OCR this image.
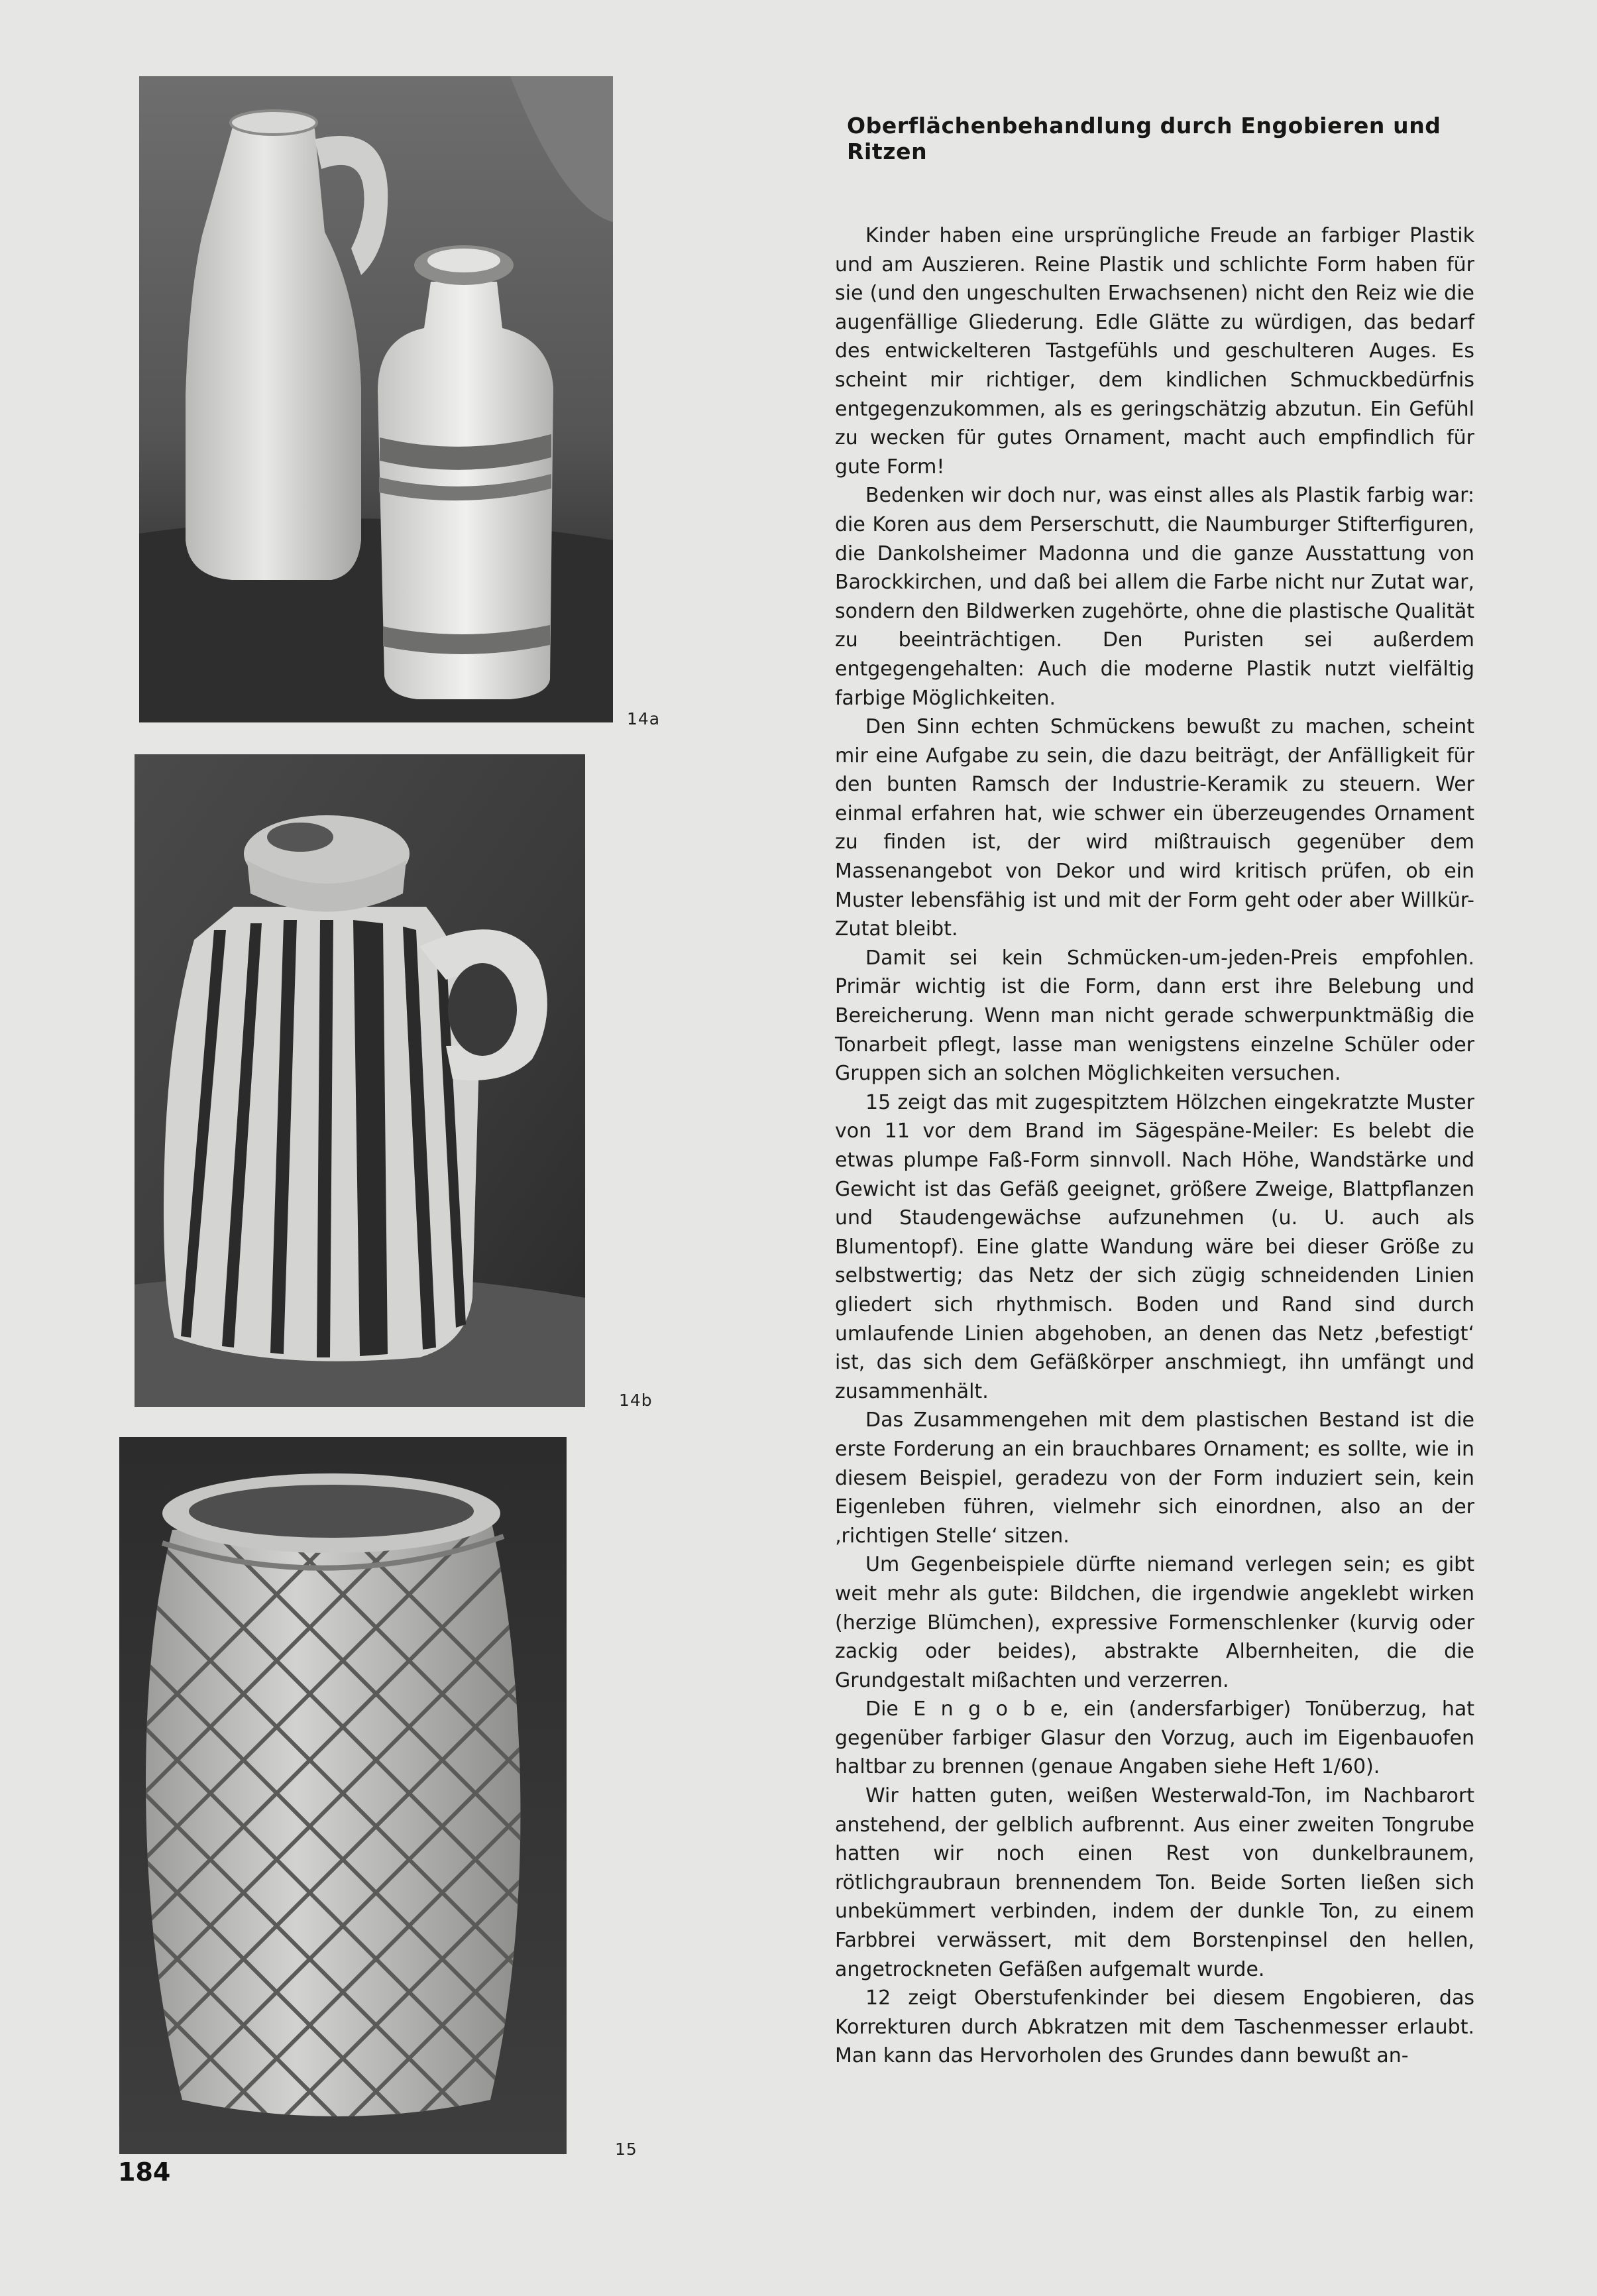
14a
14b
15
184
Oberflächenbehandlung durch Engobieren und Ritzen

Kinder haben eine ursprüngliche Freude an farbiger Plastik und am Auszieren. Reine Plastik und schlichte Form haben für sie (und den ungeschulten Erwachsenen) nicht den Reiz wie die augenfällige Gliederung. Edle Glätte zu würdigen, das bedarf des entwickelteren Tastgefühls und geschulteren Auges. Es scheint mir richtiger, dem kindlichen Schmuckbedürfnis entgegenzukommen, als es geringschätzig abzutun. Ein Gefühl zu wecken für gutes Ornament, macht auch empfindlich für gute Form!

Bedenken wir doch nur, was einst alles als Plastik farbig war: die Koren aus dem Perserschutt, die Naumburger Stifterfiguren, die Dankolsheimer Madonna und die ganze Ausstattung von Barockkirchen, und daß bei allem die Farbe nicht nur Zutat war, sondern den Bildwerken zugehörte, ohne die plastische Qualität zu beeinträchtigen. Den Puristen sei außerdem entgegengehalten: Auch die moderne Plastik nutzt vielfältig farbige Möglichkeiten.

Den Sinn echten Schmückens bewußt zu machen, scheint mir eine Aufgabe zu sein, die dazu beiträgt, der Anfälligkeit für den bunten Ramsch der Industrie-Keramik zu steuern. Wer einmal erfahren hat, wie schwer ein überzeugendes Ornament zu finden ist, der wird mißtrauisch gegenüber dem Massenangebot von Dekor und wird kritisch prüfen, ob ein Muster lebensfähig ist und mit der Form geht oder aber Willkür-Zutat bleibt.

Damit sei kein Schmücken-um-jeden-Preis empfohlen. Primär wichtig ist die Form, dann erst ihre Belebung und Bereicherung. Wenn man nicht gerade schwerpunktmäßig die Tonarbeit pflegt, lasse man wenigstens einzelne Schüler oder Gruppen sich an solchen Möglichkeiten versuchen.

15 zeigt das mit zugespitztem Hölzchen eingekratzte Muster von 11 vor dem Brand im Sägespäne-Meiler: Es belebt die etwas plumpe Faß-Form sinnvoll. Nach Höhe, Wandstärke und Gewicht ist das Gefäß geeignet, größere Zweige, Blattpflanzen und Staudengewächse aufzunehmen (u. U. auch als Blumentopf). Eine glatte Wandung wäre bei dieser Größe zu selbstwertig; das Netz der sich zügig schneidenden Linien gliedert sich rhythmisch. Boden und Rand sind durch umlaufende Linien abgehoben, an denen das Netz ‚befestigt‘ ist, das sich dem Gefäßkörper anschmiegt, ihn umfängt und zusammenhält.

Das Zusammengehen mit dem plastischen Bestand ist die erste Forderung an ein brauchbares Ornament; es sollte, wie in diesem Beispiel, geradezu von der Form induziert sein, kein Eigenleben führen, vielmehr sich einordnen, also an der ‚richtigen Stelle‘ sitzen.

Um Gegenbeispiele dürfte niemand verlegen sein; es gibt weit mehr als gute: Bildchen, die irgendwie angeklebt wirken (herzige Blümchen), expressive Formenschlenker (kurvig oder zackig oder beides), abstrakte Albernheiten, die die Grundgestalt mißachten und verzerren.

Die E n g o b e, ein (andersfarbiger) Tonüberzug, hat gegenüber farbiger Glasur den Vorzug, auch im Eigenbauofen haltbar zu brennen (genaue Angaben siehe Heft 1/60).

Wir hatten guten, weißen Westerwald-Ton, im Nachbarort anstehend, der gelblich aufbrennt. Aus einer zweiten Tongrube hatten wir noch einen Rest von dunkelbraunem, rötlichgraubraun brennendem Ton. Beide Sorten ließen sich unbekümmert verbinden, indem der dunkle Ton, zu einem Farbbrei verwässert, mit dem Borstenpinsel den hellen, angetrockneten Gefäßen aufgemalt wurde.

12 zeigt Oberstufenkinder bei diesem Engobieren, das Korrekturen durch Abkratzen mit dem Taschenmesser erlaubt. Man kann das Hervorholen des Grundes dann bewußt an-
